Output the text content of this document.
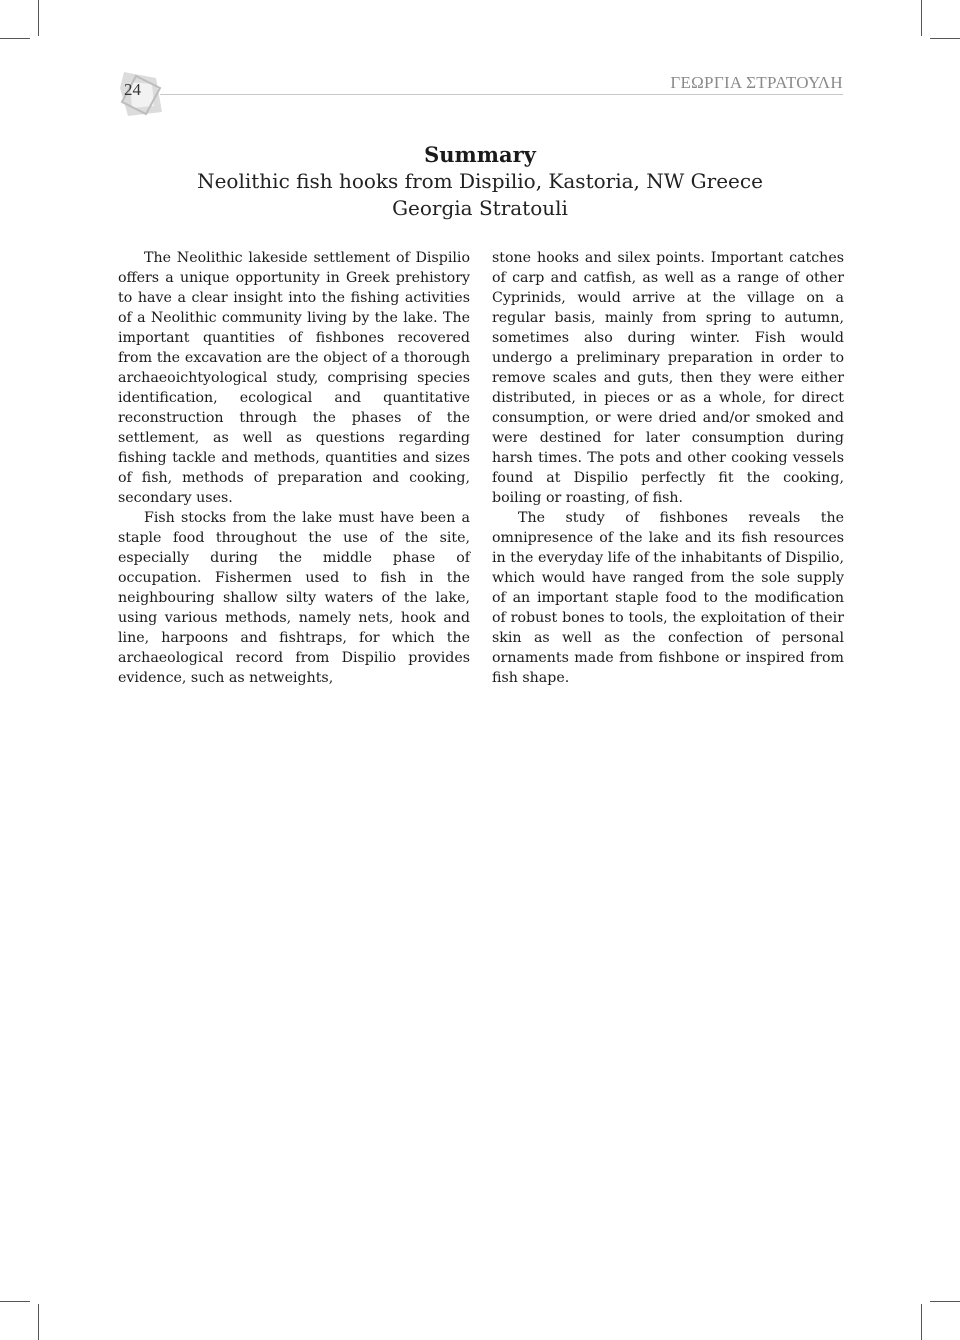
24	ΓΕΩΡΓΙΑ ΣΤΡΑΤΟΥΛΗ
Summary
Neolithic fish hooks from Dispilio, Kastoria, NW Greece
Georgia Stratouli

The Neolithic lakeside settlement of Dispilio offers a unique opportunity in Greek prehistory to have a clear insight into the fishing activities of a Neolithic community living by the lake. The important quantities of fishbones recovered from the excavation are the object of a thorough archaeoichtyological study, comprising species identification, ecological and quantitative reconstruction through the phases of the settlement, as well as questions regarding fishing tackle and methods, quantities and sizes of fish, methods of preparation and cooking, secondary uses.

Fish stocks from the lake must have been a staple food throughout the use of the site, especially during the middle phase of occupation. Fishermen used to fish in the neighbouring shallow silty waters of the lake, using various methods, namely nets, hook and line, harpoons and fishtraps, for which the archaeological record from Dispilio provides evidence, such as netweights,

stone hooks and silex points. Important catches of carp and catfish, as well as a range of other Cyprinids, would arrive at the village on a regular basis, mainly from spring to autumn, sometimes also during winter. Fish would undergo a preliminary preparation in order to remove scales and guts, then they were either distributed, in pieces or as a whole, for direct consumption, or were dried and/or smoked and were destined for later consumption during harsh times. The pots and other cooking vessels found at Dispilio perfectly fit the cooking, boiling or roasting, of fish.

The study of fishbones reveals the omnipresence of the lake and its fish resources in the everyday life of the inhabitants of Dispilio, which would have ranged from the sole supply of an important staple food to the modification of robust bones to tools, the exploitation of their skin as well as the confection of personal ornaments made from fishbone or inspired from fish shape.
